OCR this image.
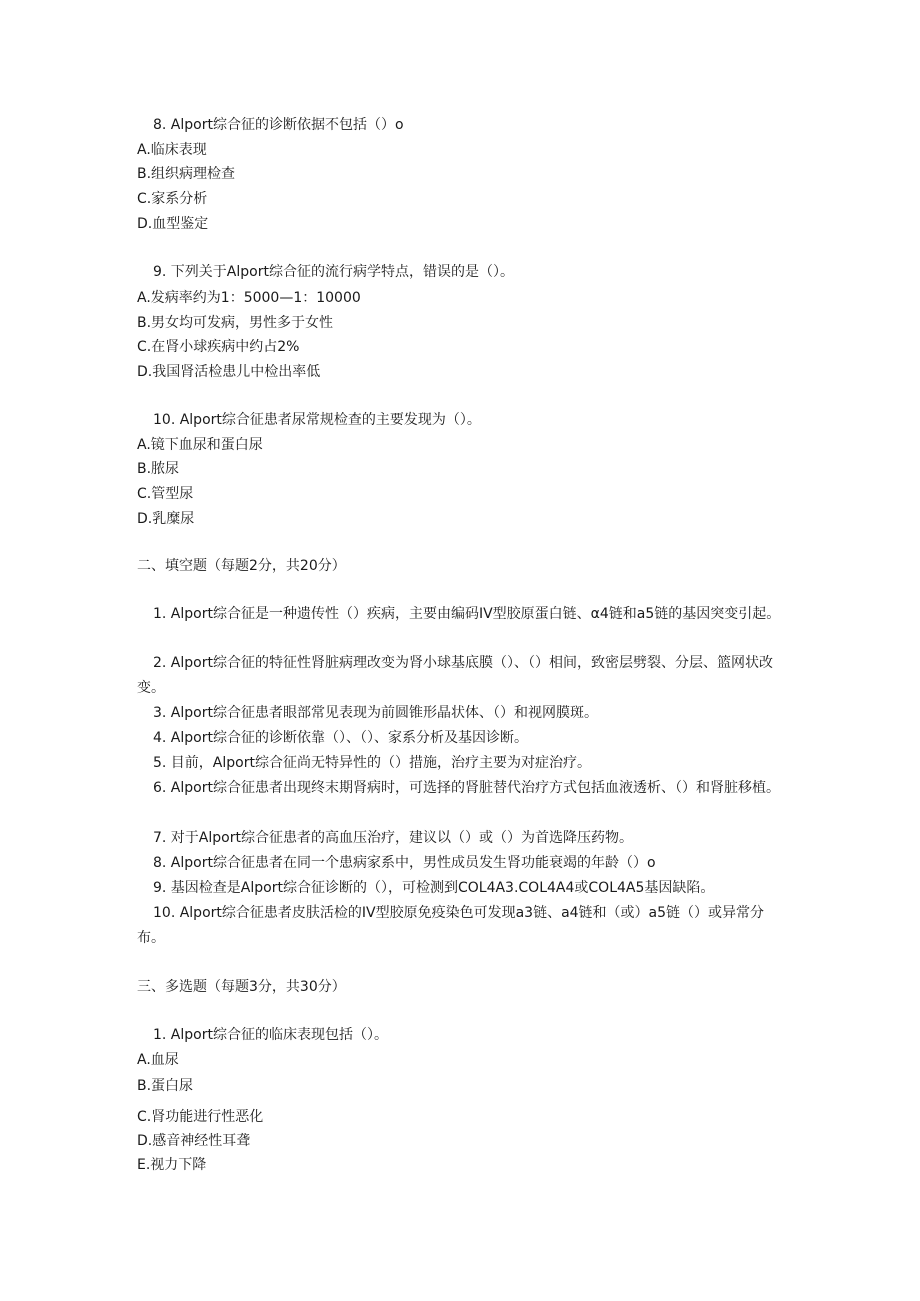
8. Alport综合征的诊断依据不包括（）o
A.临床表现
B.组织病理检查
C.家系分析
D.血型鉴定
9. 下列关于Alport综合征的流行病学特点，错误的是（）。
A.发病率约为1：5000—1：10000
B.男女均可发病，男性多于女性
C.在肾小球疾病中约占2%
D.我国肾活检患儿中检出率低
10. Alport综合征患者尿常规检查的主要发现为（）。
A.镜下血尿和蛋白尿
B.脓尿
C.管型尿
D.乳糜尿
二、填空题（每题2分，共20分）
1. Alport综合征是一种遗传性（）疾病，主要由编码IV型胶原蛋白链、α4链和a5链的基因突变引起。
2. Alport综合征的特征性肾脏病理改变为肾小球基底膜（）、（）相间，致密层劈裂、分层、篮网状改变。
3. Alport综合征患者眼部常见表现为前圆锥形晶状体、（）和视网膜斑。
4. Alport综合征的诊断依靠（）、（）、家系分析及基因诊断。
5. 目前，Alport综合征尚无特异性的（）措施，治疗主要为对症治疗。
6. Alport综合征患者出现终末期肾病时，可选择的肾脏替代治疗方式包括血液透析、（）和肾脏移植。
7. 对于Alport综合征患者的高血压治疗，建议以（）或（）为首选降压药物。
8. Alport综合征患者在同一个患病家系中，男性成员发生肾功能衰竭的年龄（）o
9. 基因检查是Alport综合征诊断的（），可检测到COL4A3.COL4A4或COL4A5基因缺陷。
10. Alport综合征患者皮肤活检的IV型胶原免疫染色可发现a3链、a4链和（或）a5链（）或异常分布。
三、多选题（每题3分，共30分）
1. Alport综合征的临床表现包括（）。
A.血尿
B.蛋白尿
C.肾功能进行性恶化
D.感音神经性耳聋
E.视力下降
